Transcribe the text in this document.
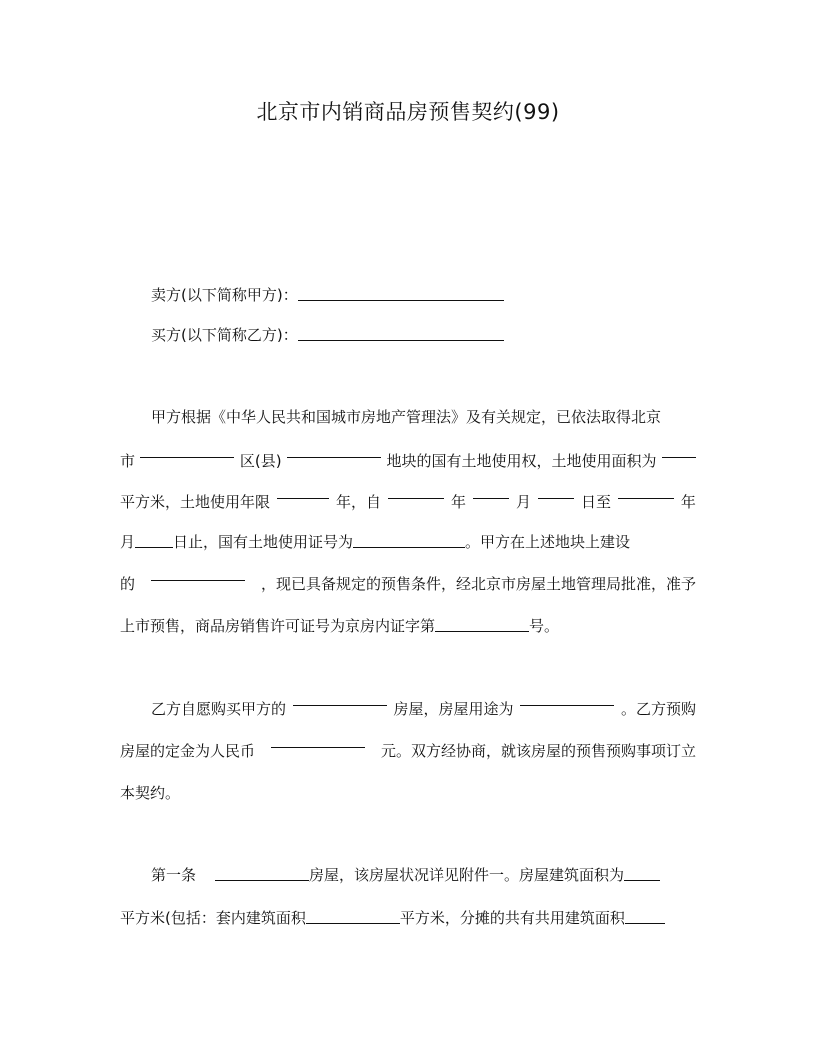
北京市内销商品房预售契约(99)
卖方(以下简称甲方)：
买方(以下简称乙方)：
甲方根据《中华人民共和国城市房地产管理法》及有关规定，已依法取得北京
市	区(县)	地块的国有土地使用权，土地使用面积为
平方米，土地使用年限	年，自	年	月	日至	年
月	日止，国有土地使用证号为	。甲方在上述地块上建设
的	，现已具备规定的预售条件，经北京市房屋土地管理局批准，准予
上市预售，商品房销售许可证号为京房内证字第	号。
乙方自愿购买甲方的	房屋，房屋用途为	。乙方预购
房屋的定金为人民币	元。双方经协商，就该房屋的预售预购事项订立
本契约。
第一条	房屋，该房屋状况详见附件一。房屋建筑面积为
平方米(包括：套内建筑面积	平方米，分摊的共有共用建筑面积
